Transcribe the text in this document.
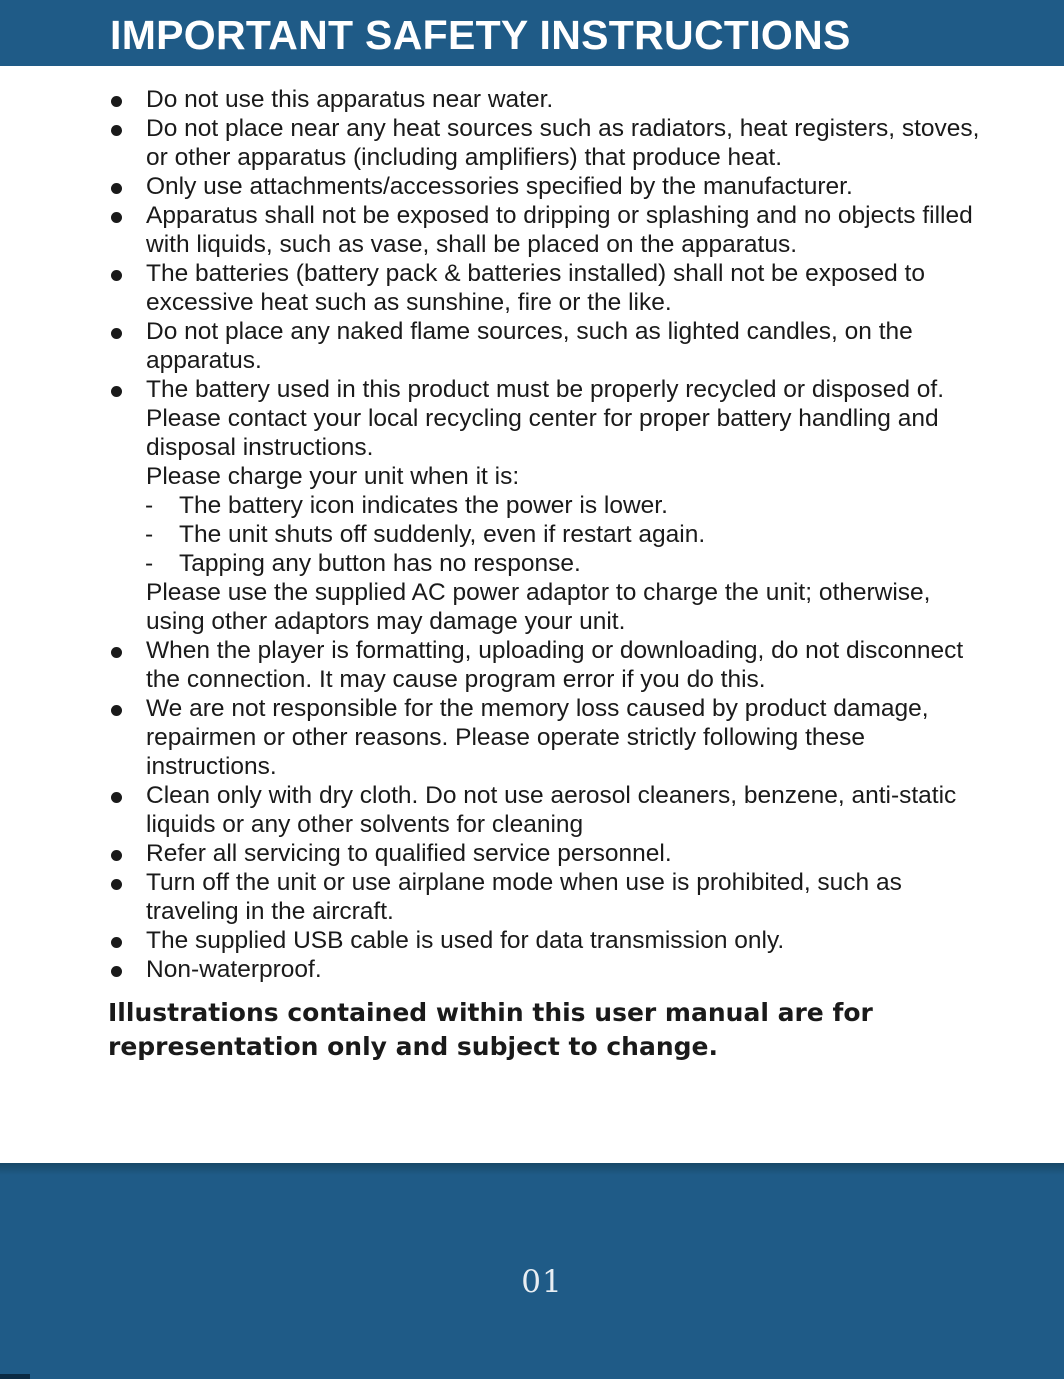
IMPORTANT SAFETY INSTRUCTIONS
Do not use this apparatus near water.
Do not place near any heat sources such as radiators, heat registers, stoves, or other apparatus (including amplifiers) that produce heat.
Only use attachments/accessories specified by the manufacturer.
Apparatus shall not be exposed to dripping or splashing and no objects filled with liquids, such as vase, shall be placed on the apparatus.
The batteries (battery pack & batteries installed) shall not be exposed to excessive heat such as sunshine, fire or the like.
Do not place any naked flame sources, such as lighted candles, on the apparatus.
The battery used in this product must be properly recycled or disposed of. Please contact your local recycling center for proper battery handling and disposal instructions.
Please charge your unit when it is:
- The battery icon indicates the power is lower.
- The unit shuts off suddenly, even if restart again.
- Tapping any button has no response.
Please use the supplied AC power adaptor to charge the unit; otherwise, using other adaptors may damage your unit.
When the player is formatting, uploading or downloading, do not disconnect the connection. It may cause program error if you do this.
We are not responsible for the memory loss caused by product damage, repairmen or other reasons. Please operate strictly following these instructions.
Clean only with dry cloth. Do not use aerosol cleaners, benzene, anti-static liquids or any other solvents for cleaning
Refer all servicing to qualified service personnel.
Turn off the unit or use airplane mode when use is prohibited, such as traveling in the aircraft.
The supplied USB cable is used for data transmission only.
Non-waterproof.

Illustrations contained within this user manual are for representation only and subject to change.

01
